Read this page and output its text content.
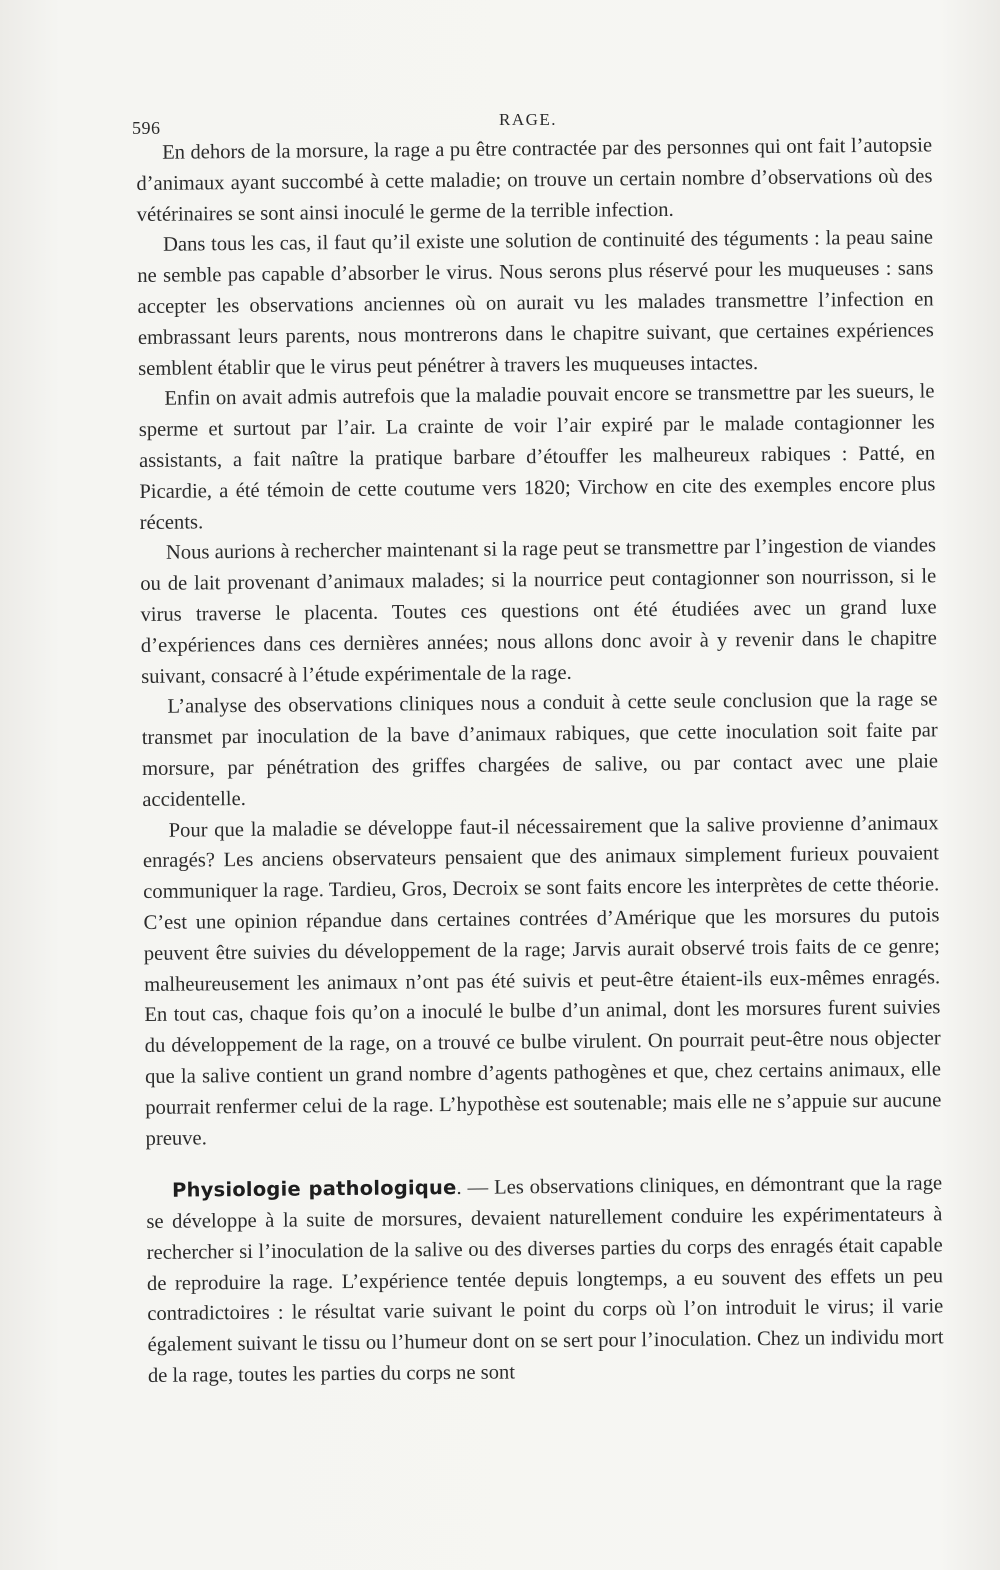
596	RAGE.

En dehors de la morsure, la rage a pu être contractée par des personnes qui ont fait l’autopsie d’animaux ayant succombé à cette maladie; on trouve un certain nombre d’observations où des vétérinaires se sont ainsi inoculé le germe de la terrible infection.

Dans tous les cas, il faut qu’il existe une solution de continuité des téguments : la peau saine ne semble pas capable d’absorber le virus. Nous serons plus réservé pour les muqueuses : sans accepter les observations anciennes où on aurait vu les malades transmettre l’infection en embrassant leurs parents, nous montrerons dans le chapitre suivant, que certaines expériences semblent établir que le virus peut pénétrer à travers les muqueuses intactes.

Enfin on avait admis autrefois que la maladie pouvait encore se transmettre par les sueurs, le sperme et surtout par l’air. La crainte de voir l’air expiré par le malade contagionner les assistants, a fait naître la pratique barbare d’étouffer les malheureux rabiques : Patté, en Picardie, a été témoin de cette coutume vers 1820; Virchow en cite des exemples encore plus récents.

Nous aurions à rechercher maintenant si la rage peut se transmettre par l’ingestion de viandes ou de lait provenant d’animaux malades; si la nourrice peut contagionner son nourrisson, si le virus traverse le placenta. Toutes ces questions ont été étudiées avec un grand luxe d’expériences dans ces dernières années; nous allons donc avoir à y revenir dans le chapitre suivant, consacré à l’étude expérimentale de la rage.

L’analyse des observations cliniques nous a conduit à cette seule conclusion que la rage se transmet par inoculation de la bave d’animaux rabiques, que cette inoculation soit faite par morsure, par pénétration des griffes chargées de salive, ou par contact avec une plaie accidentelle.

Pour que la maladie se développe faut-il nécessairement que la salive provienne d’animaux enragés? Les anciens observateurs pensaient que des animaux simplement furieux pouvaient communiquer la rage. Tardieu, Gros, Decroix se sont faits encore les interprètes de cette théorie. C’est une opinion répandue dans certaines contrées d’Amérique que les morsures du putois peuvent être suivies du développement de la rage; Jarvis aurait observé trois faits de ce genre; malheureusement les animaux n’ont pas été suivis et peut-être étaient-ils eux-mêmes enragés. En tout cas, chaque fois qu’on a inoculé le bulbe d’un animal, dont les morsures furent suivies du développement de la rage, on a trouvé ce bulbe virulent. On pourrait peut-être nous objecter que la salive contient un grand nombre d’agents pathogènes et que, chez certains animaux, elle pourrait renfermer celui de la rage. L’hypothèse est soutenable; mais elle ne s’appuie sur aucune preuve.

Physiologie pathologique. — Les observations cliniques, en démontrant que la rage se développe à la suite de morsures, devaient naturellement conduire les expérimentateurs à rechercher si l’inoculation de la salive ou des diverses parties du corps des enragés était capable de reproduire la rage. L’expérience tentée depuis longtemps, a eu souvent des effets un peu contradictoires : le résultat varie suivant le point du corps où l’on introduit le virus; il varie également suivant le tissu ou l’humeur dont on se sert pour l’inoculation. Chez un individu mort de la rage, toutes les parties du corps ne sont
